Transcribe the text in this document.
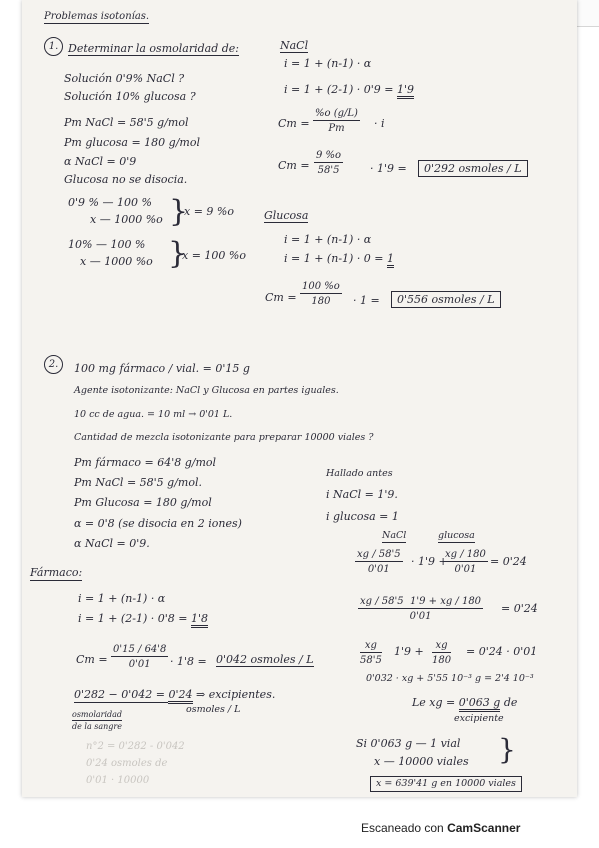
Problemas isotonías.
1. Determinar la osmolaridad de:
Solución 0'9% NaCl ?
Solución 10% glucosa ?
Pm NaCl = 58'5 g/mol
Pm glucosa = 180 g/mol
α NaCl = 0'9
Glucosa no se disocia.
0'9 % — 100 %
x — 1000 %o }
x = 9 %o
10% — 100 %
x — 1000 %o }
x = 100 %o
NaCl
i = 1 + (n-1) · α
i = 1 + (2-1) · 0'9 = 1'9
$Cm = \frac{\%o (g/L)}{Pm} \cdot i$
$Cm = \frac{9 \%o}{58'5} \cdot 1'9$ =	0'292 osmoles / L
Glucosa
i = 1 + (n-1) · α
i = 1 + (n-1) · 0 = 1
$Cm = \frac{100 \%o}{180} \cdot 1$ =	0'556 osmoles / L
2.	100 mg fármaco / vial. = 0'15 g
Agente isotonizante: NaCl y Glucosa en partes iguales.
10 cc de agua. = 10 ml → 0'01 L.
Cantidad de mezcla isotonizante para preparar 10000 viales ?
Pm fármaco = 64'8 g/mol
Pm NaCl = 58'5 g/mol.
Pm Glucosa = 180 g/mol
α = 0'8 (se disocia en 2 iones)
α NaCl = 0'9.
Hallado antes
i NaCl = 1'9.
i glucosa = 1
NaCl	glucosa
$\frac{xg / 58'5}{0'01} \cdot 1'9$ +
$\frac{xg / 180}{0'01} = 0'24$
$\frac{xg / 58'5 1'9 + xg / 180}{0'01} = 0'24$
$\frac{xg}{58'5} 1'9 + \frac{xg}{180} = 0'24 \cdot 0'01$
0'032 · xg + 5'55 10⁻³ g = 2'4 10⁻³
Le xg = 0'063 g de
excipiente
Fármaco:
i = 1 + (n-1) · α
i = 1 + (2-1) · 0'8 = 1'8
$Cm = \frac{0'15 / 64'8}{0'01} \cdot 1'8 = 0'042$ osmoles / L
0'282 − 0'042 = 0'24 ⇒ excipientes.
osmoles / L
osmolaridad
de la sangre
Si 0'063 g — 1 vial
x — 10000 viales }
x = 639'41 g en 10000 viales
n°2 = 0'282 - 0'042
0'24 osmoles de
0'01 · 10000
Escaneado con CamScanner
